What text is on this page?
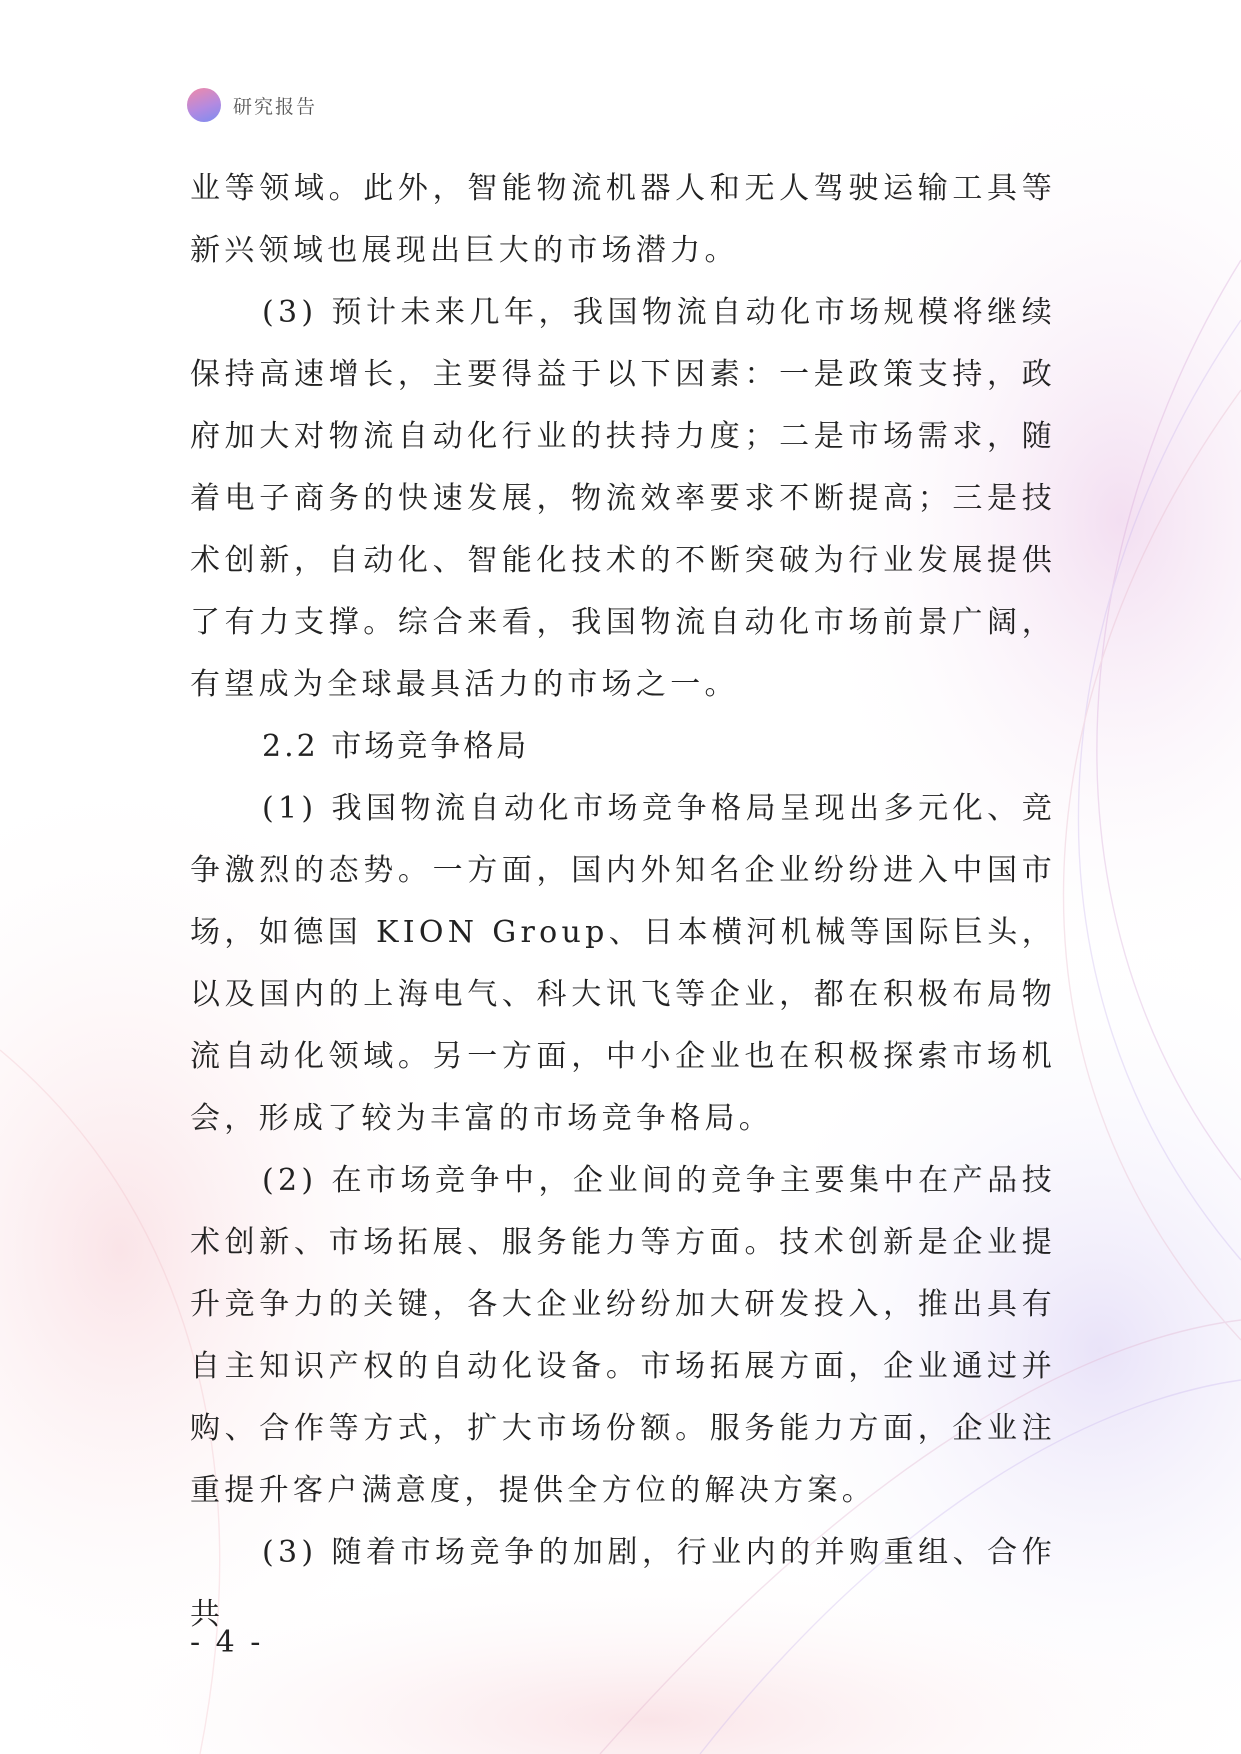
研究报告

业等领域。此外，智能物流机器人和无人驾驶运输工具等新兴领域也展现出巨大的市场潜力。

(3) 预计未来几年，我国物流自动化市场规模将继续保持高速增长，主要得益于以下因素：一是政策支持，政府加大对物流自动化行业的扶持力度；二是市场需求，随着电子商务的快速发展，物流效率要求不断提高；三是技术创新，自动化、智能化技术的不断突破为行业发展提供了有力支撑。综合来看，我国物流自动化市场前景广阔，有望成为全球最具活力的市场之一。

2.2 市场竞争格局

(1) 我国物流自动化市场竞争格局呈现出多元化、竞争激烈的态势。一方面，国内外知名企业纷纷进入中国市场，如德国 KION Group、日本横河机械等国际巨头，以及国内的上海电气、科大讯飞等企业，都在积极布局物流自动化领域。另一方面，中小企业也在积极探索市场机会，形成了较为丰富的市场竞争格局。

(2) 在市场竞争中，企业间的竞争主要集中在产品技术创新、市场拓展、服务能力等方面。技术创新是企业提升竞争力的关键，各大企业纷纷加大研发投入，推出具有自主知识产权的自动化设备。市场拓展方面，企业通过并购、合作等方式，扩大市场份额。服务能力方面，企业注重提升客户满意度，提供全方位的解决方案。

(3) 随着市场竞争的加剧，行业内的并购重组、合作共

- 4 -
